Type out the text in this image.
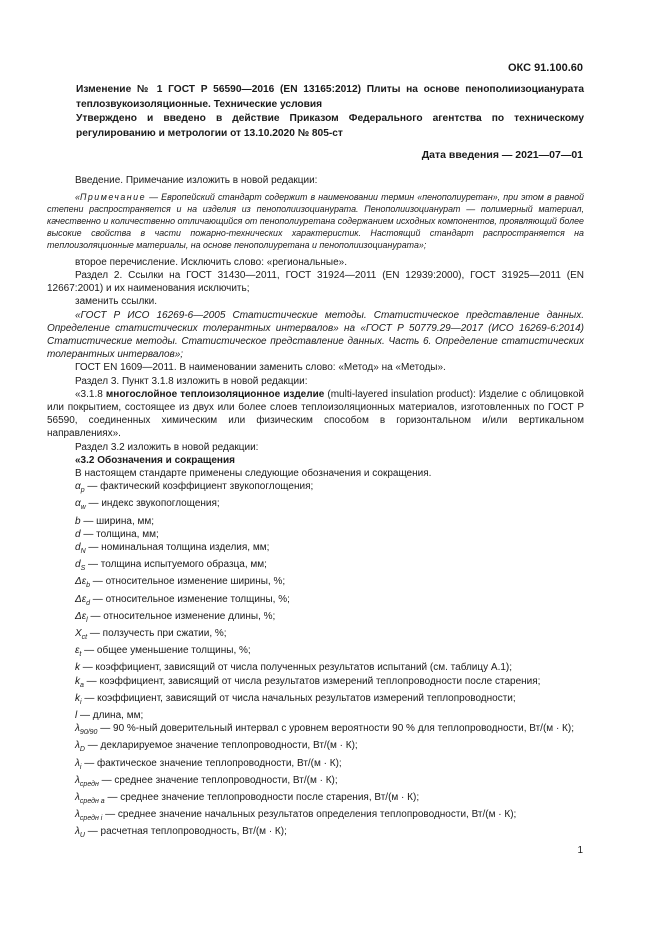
ОКС 91.100.60
Изменение № 1 ГОСТ Р 56590—2016 (EN 13165:2012) Плиты на основе пенополиизоциануратa теплозвукоизоляционные. Технические условия
Утверждено и введено в действие Приказом Федерального агентства по техническому регулированию и метрологии от 13.10.2020 № 805-ст
Дата введения — 2021—07—01

Введение. Примечание изложить в новой редакции:

«Примечание — Европейский стандарт содержит в наименовании термин «пенополиуретан», при этом в равной степени распространяется и на изделия из пенополиизоцианурата. Пенополиизоцианурат — полимерный материал, качественно и количественно отличающийся от пенополиуретана содержанием исходных компонентов, проявляющий более высокие свойства в части пожарно-технических характеристик. Настоящий стандарт распространяется на теплоизоляционные материалы, на основе пенополиуретана и пенополиизоцианурата»;

второе перечисление. Исключить слово: «региональные».

Раздел 2. Ссылки на ГОСТ 31430—2011, ГОСТ 31924—2011 (EN 12939:2000), ГОСТ 31925—2011 (EN 12667:2001) и их наименования исключить;

заменить ссылки.

«ГОСТ Р ИСО 16269-6—2005 Статистические методы. Статистическое представление данных. Определение статистических толерантных интервалов» на «ГОСТ Р 50779.29—2017 (ИСО 16269-6:2014) Статистические методы. Статистическое представление данных. Часть 6. Определение статистических толерантных интервалов»;

ГОСТ EN 1609—2011. В наименовании заменить слово: «Метод» на «Методы».

Раздел 3. Пункт 3.1.8 изложить в новой редакции:

«3.1.8 многослойное теплоизоляционное изделие (multi-layered insulation product): Изделие с облицовкой или покрытием, состоящее из двух или более слоев теплоизоляционных материалов, изготовленных по ГОСТ Р 56590, соединенных химическим или физическим способом в горизонтальном и/или вертикальном направлениях».

Раздел 3.2 изложить в новой редакции:

«3.2 Обозначения и сокращения

В настоящем стандарте применены следующие обозначения и сокращения.

$\alpha_p$ — фактический коэффициент звукопоглощения;

$\alpha_w$ — индекс звукопоглощения;

b — ширина, мм;

d — толщина, мм;

$d_N$ — номинальная толщина изделия, мм;

$d_S$ — толщина испытуемого образца, мм;

$\Delta\varepsilon_b$ — относительное изменение ширины, %;

$\Delta\varepsilon_d$ — относительное изменение толщины, %;

$\Delta\varepsilon_l$ — относительное изменение длины, %;

$X_{ct}$ — ползучесть при сжатии, %;

$\varepsilon_t$ — общее уменьшение толщины, %;

k — коэффициент, зависящий от числа полученных результатов испытаний (см. таблицу А.1);

$k_a$ — коэффициент, зависящий от числа результатов измерений теплопроводности после старения;

$k_i$ — коэффициент, зависящий от числа начальных результатов измерений теплопроводности;

l — длина, мм;

$\lambda_{90/90}$ — 90 %-ный доверительный интервал с уровнем вероятности 90 % для теплопроводности, Вт/(м · К);

$\lambda_D$ — декларируемое значение теплопроводности, Вт/(м · К);

$\lambda_i$ — фактическое значение теплопроводности, Вт/(м · К);

$\lambda_{средн}$ — среднее значение теплопроводности, Вт/(м · К);

$\lambda_{средн a}$ — среднее значение теплопроводности после старения, Вт/(м · К);

$\lambda_{средн i}$ — среднее значение начальных результатов определения теплопроводности, Вт/(м · К);

$\lambda_U$ — расчетная теплопроводность, Вт/(м · К);

1
